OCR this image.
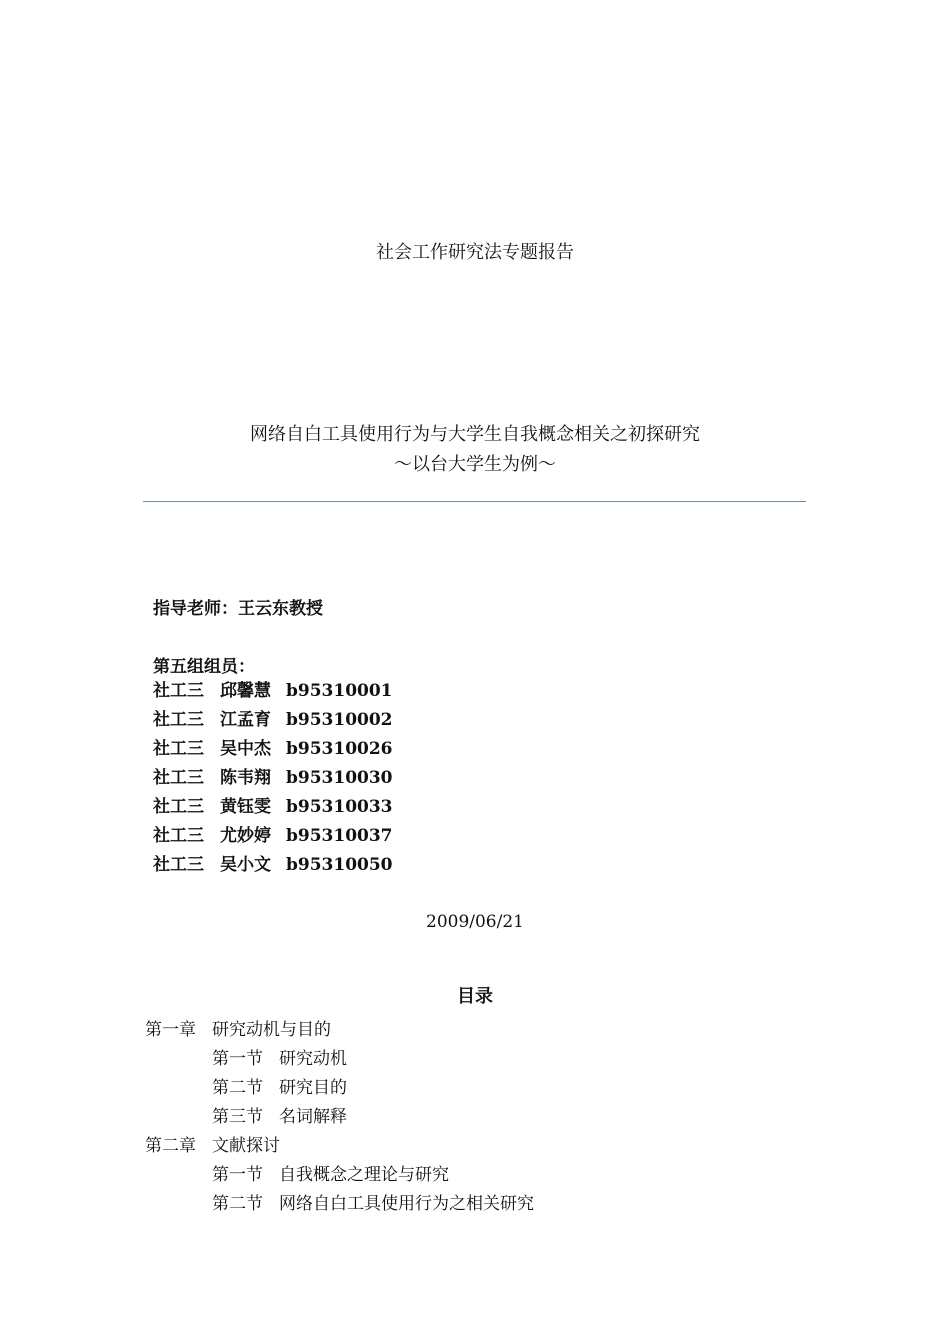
社会工作研究法专题报告
网络自白工具使用行为与大学生自我概念相关之初探研究
～以台大学生为例～
指导老师：王云东教授
第五组组员：
社工三 邱馨慧 b95310001
社工三 江孟育 b95310002
社工三 吴中杰 b95310026
社工三 陈韦翔 b95310030
社工三 黄钰雯 b95310033
社工三 尤妙婷 b95310037
社工三 吴小文 b95310050
2009/06/21
目录
第一章 研究动机与目的
第一节 研究动机
第二节 研究目的
第三节 名词解释
第二章 文献探讨
第一节 自我概念之理论与研究
第二节 网络自白工具使用行为之相关研究
